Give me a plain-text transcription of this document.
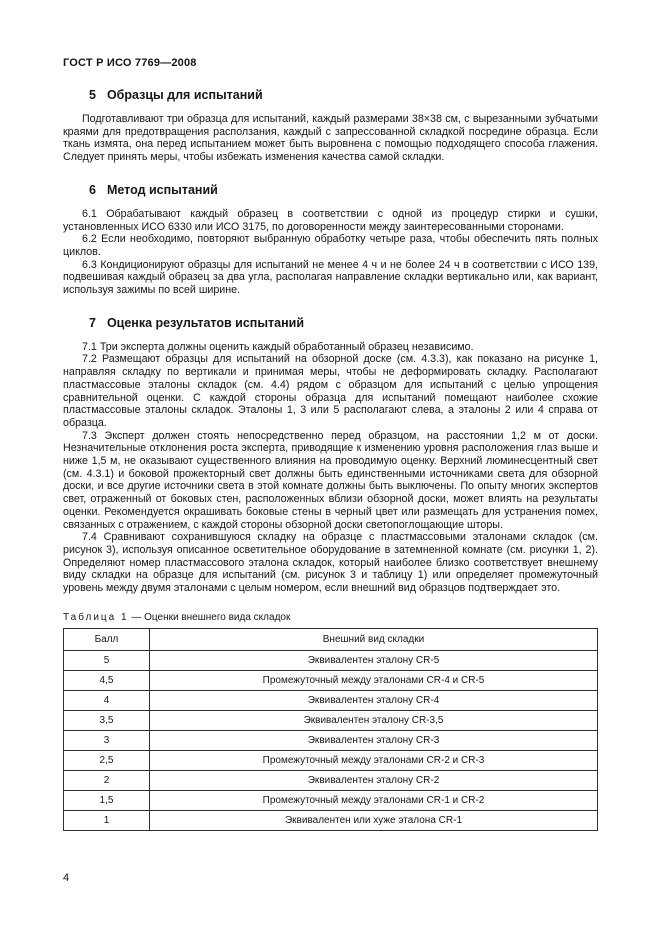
ГОСТ Р ИСО 7769—2008
5 Образцы для испытаний

Подготавливают три образца для испытаний, каждый размерами 38×38 см, с вырезанными зубчатыми краями для предотвращения расползания, каждый с запрессованной складкой посредине образца. Если ткань измята, она перед испытанием может быть выровнена с помощью подходящего способа глажения. Следует принять меры, чтобы избежать изменения качества самой складки.

6 Метод испытаний

6.1 Обрабатывают каждый образец в соответствии с одной из процедур стирки и сушки, установленных ИСО 6330 или ИСО 3175, по договоренности между заинтересованными сторонами.

6.2 Если необходимо, повторяют выбранную обработку четыре раза, чтобы обеспечить пять полных циклов.

6.3 Кондиционируют образцы для испытаний не менее 4 ч и не более 24 ч в соответствии с ИСО 139, подвешивая каждый образец за два угла, располагая направление складки вертикально или, как вариант, используя зажимы по всей ширине.

7 Оценка результатов испытаний

7.1 Три эксперта должны оценить каждый обработанный образец независимо.

7.2 Размещают образцы для испытаний на обзорной доске (см. 4.3.3), как показано на рисунке 1, направляя складку по вертикали и принимая меры, чтобы не деформировать складку. Располагают пластмассовые эталоны складок (см. 4.4) рядом с образцом для испытаний с целью упрощения сравнительной оценки. С каждой стороны образца для испытаний помещают наиболее схожие пластмассовые эталоны складок. Эталоны 1, 3 или 5 располагают слева, а эталоны 2 или 4 справа от образца.

7.3 Эксперт должен стоять непосредственно перед образцом, на расстоянии 1,2 м от доски. Незначительные отклонения роста эксперта, приводящие к изменению уровня расположения глаз выше и ниже 1,5 м, не оказывают существенного влияния на проводимую оценку. Верхний люминесцентный свет (см. 4.3.1) и боковой прожекторный свет должны быть единственными источниками света для обзорной доски, и все другие источники света в этой комнате должны быть выключены. По опыту многих экспертов свет, отраженный от боковых стен, расположенных вблизи обзорной доски, может влиять на результаты оценки. Рекомендуется окрашивать боковые стены в черный цвет или размещать для устранения помех, связанных с отражением, с каждой стороны обзорной доски светопоглощающие шторы.

7.4 Сравнивают сохранившуюся складку на образце с пластмассовыми эталонами складок (см. рисунок 3), используя описанное осветительное оборудование в затемненной комнате (см. рисунки 1, 2). Определяют номер пластмассового эталона складок, который наиболее близко соответствует внешнему виду складки на образце для испытаний (см. рисунок 3 и таблицу 1) или определяет промежуточный уровень между двумя эталонами с целым номером, если внешний вид образцов подтверждает это.

Таблица 1 — Оценки внешнего вида складок
Балл	Внешний вид складки
5	Эквивалентен эталону CR-5
4,5	Промежуточный между эталонами CR-4 и CR-5
4	Эквивалентен эталону CR-4
3,5	Эквивалентен эталону CR-3,5
3	Эквивалентен эталону CR-3
2,5	Промежуточный между эталонами CR-2 и CR-3
2	Эквивалентен эталону CR-2
1,5	Промежуточный между эталонами CR-1 и CR-2
1	Эквивалентен или хуже эталона CR-1
4
